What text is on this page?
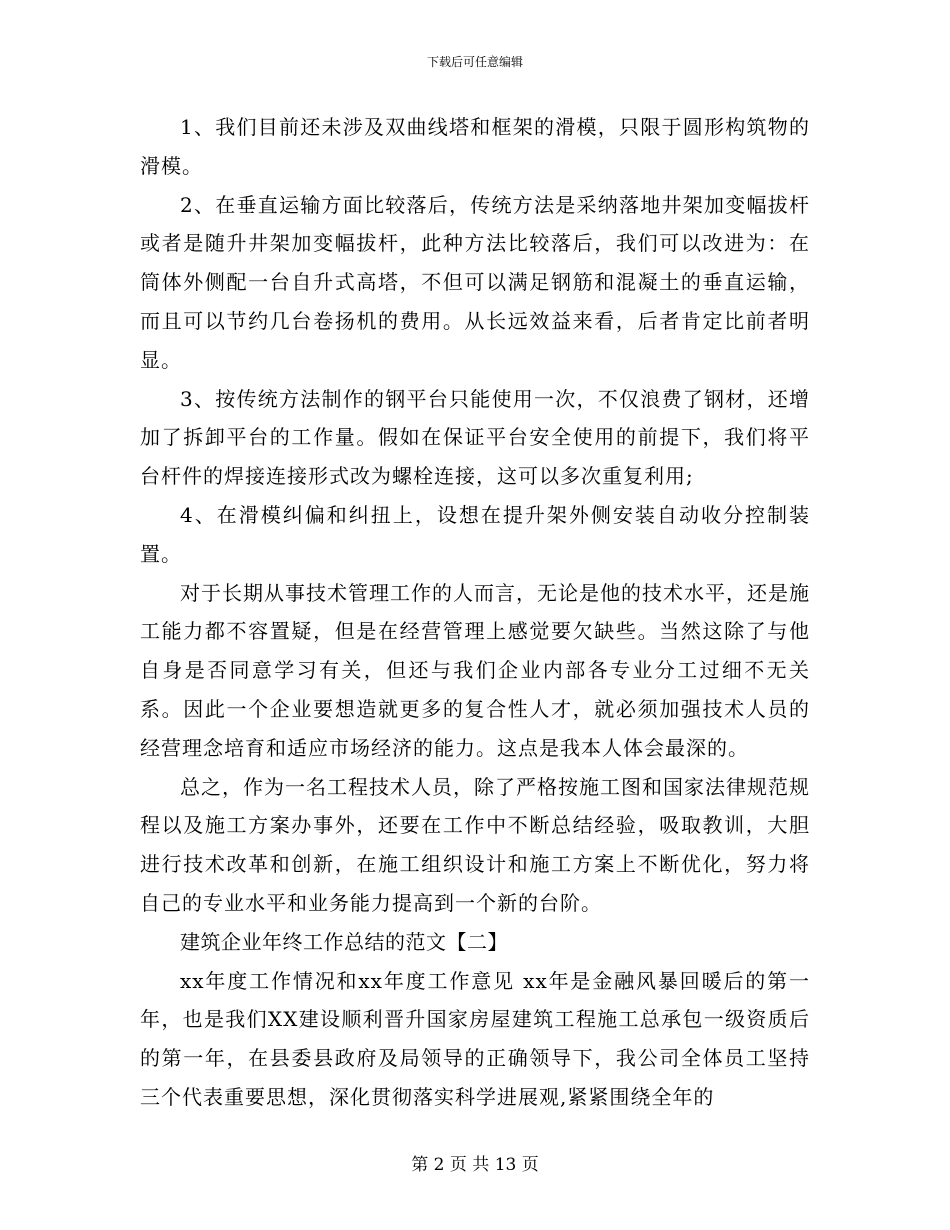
下载后可任意编辑

1、我们目前还未涉及双曲线塔和框架的滑模，只限于圆形构筑物的滑模。

2、在垂直运输方面比较落后，传统方法是采纳落地井架加变幅拔杆或者是随升井架加变幅拔杆，此种方法比较落后，我们可以改进为：在筒体外侧配一台自升式高塔，不但可以满足钢筋和混凝土的垂直运输，而且可以节约几台卷扬机的费用。从长远效益来看，后者肯定比前者明显。

3、按传统方法制作的钢平台只能使用一次，不仅浪费了钢材，还增加了拆卸平台的工作量。假如在保证平台安全使用的前提下，我们将平台杆件的焊接连接形式改为螺栓连接，这可以多次重复利用;

4、在滑模纠偏和纠扭上，设想在提升架外侧安装自动收分控制装置。

对于长期从事技术管理工作的人而言，无论是他的技术水平，还是施工能力都不容置疑，但是在经营管理上感觉要欠缺些。当然这除了与他自身是否同意学习有关，但还与我们企业内部各专业分工过细不无关系。因此一个企业要想造就更多的复合性人才，就必须加强技术人员的经营理念培育和适应市场经济的能力。这点是我本人体会最深的。

总之，作为一名工程技术人员，除了严格按施工图和国家法律规范规程以及施工方案办事外，还要在工作中不断总结经验，吸取教训，大胆进行技术改革和创新，在施工组织设计和施工方案上不断优化，努力将自己的专业水平和业务能力提高到一个新的台阶。

建筑企业年终工作总结的范文【二】

xx年度工作情况和xx年度工作意见 xx年是金融风暴回暖后的第一年，也是我们XX建设顺利晋升国家房屋建筑工程施工总承包一级资质后的第一年，在县委县政府及局领导的正确领导下，我公司全体员工坚持三个代表重要思想，深化贯彻落实科学进展观,紧紧围绕全年的

第 2 页 共 13 页
